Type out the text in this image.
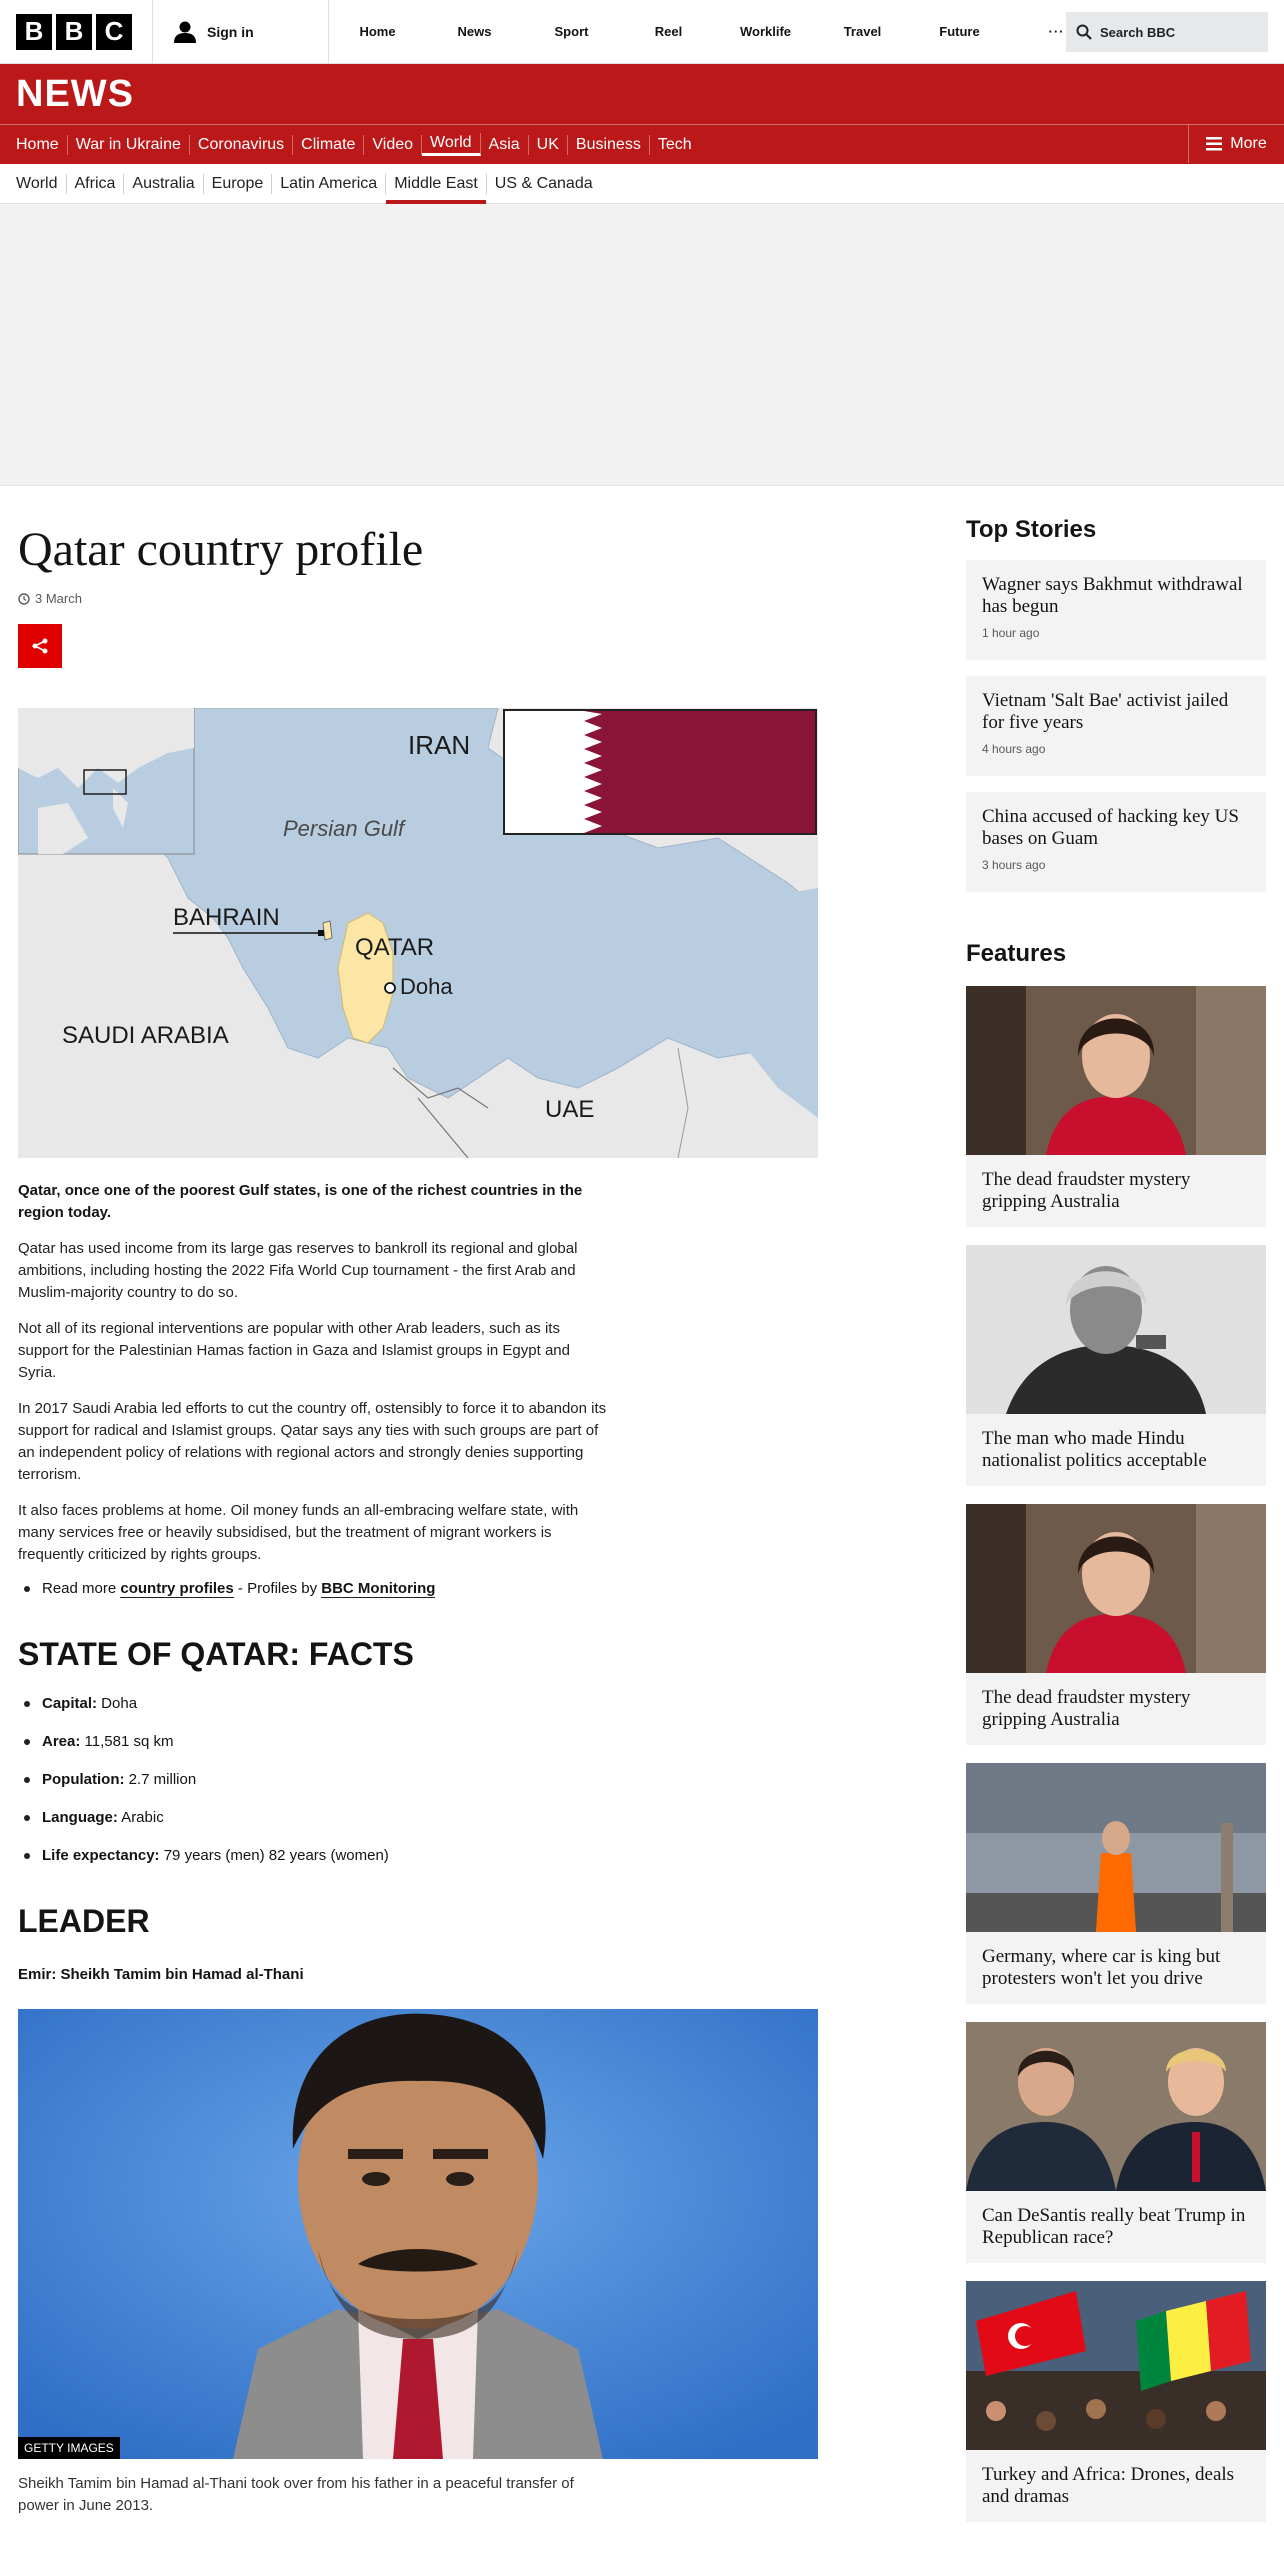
B B C	Sign in	Home	News	Sport	Reel	Worklife	Travel	Future	···	Search BBC
NEWS
Home	War in Ukraine	Coronavirus	Climate	Video	World	Asia	UK	Business	Tech	More
World	Africa	Australia	Europe	Latin America	Middle East	US & Canada
Qatar country profile
3 March
IRAN
Persian Gulf
BAHRAIN
QATAR
Doha
SAUDI ARABIA
UAE

Qatar, once one of the poorest Gulf states, is one of the richest countries in the region today.

Qatar has used income from its large gas reserves to bankroll its regional and global ambitions, including hosting the 2022 Fifa World Cup tournament - the first Arab and Muslim-majority country to do so.

Not all of its regional interventions are popular with other Arab leaders, such as its support for the Palestinian Hamas faction in Gaza and Islamist groups in Egypt and Syria.

In 2017 Saudi Arabia led efforts to cut the country off, ostensibly to force it to abandon its support for radical and Islamist groups. Qatar says any ties with such groups are part of an independent policy of relations with regional actors and strongly denies supporting terrorism.

It also faces problems at home. Oil money funds an all-embracing welfare state, with many services free or heavily subsidised, but the treatment of migrant workers is frequently criticized by rights groups.

Read more country profiles - Profiles by BBC Monitoring
STATE OF QATAR: FACTS
Capital: Doha
Area: 11,581 sq km
Population: 2.7 million
Language: Arabic
Life expectancy: 79 years (men) 82 years (women)
LEADER

Emir: Sheikh Tamim bin Hamad al-Thani

GETTY IMAGES

Sheikh Tamim bin Hamad al-Thani took over from his father in a peaceful transfer of power in June 2013.

Top Stories
Wagner says Bakhmut withdrawal has begun
1 hour ago
Vietnam 'Salt Bae' activist jailed for five years
4 hours ago
China accused of hacking key US bases on Guam
3 hours ago
Features
The dead fraudster mystery gripping Australia
The man who made Hindu nationalist politics acceptable
The dead fraudster mystery gripping Australia
Germany, where car is king but protesters won't let you drive
Can DeSantis really beat Trump in Republican race?
Turkey and Africa: Drones, deals and dramas
